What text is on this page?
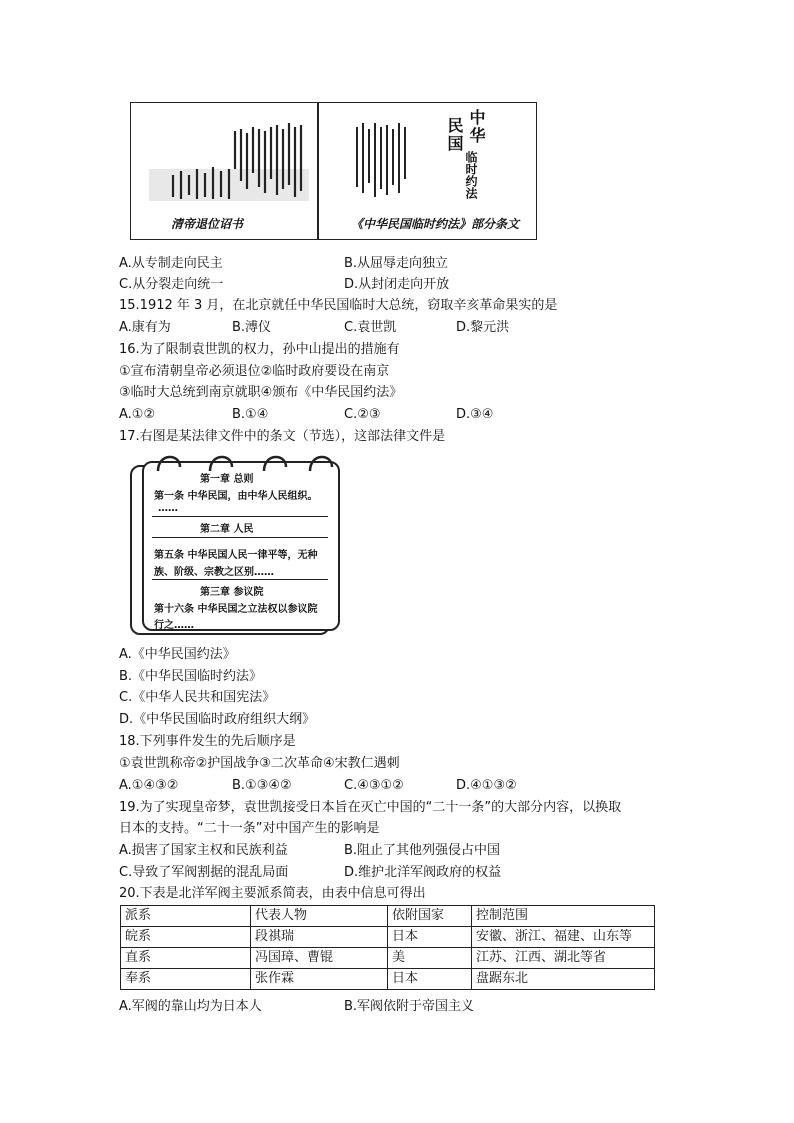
清帝退位诏书
民国 中华
临时约法
《中华民国临时约法》部分条文
A.从专制走向民主	B.从屈辱走向独立
C.从分裂走向统一	D.从封闭走向开放
15.1912 年 3 月，在北京就任中华民国临时大总统，窃取辛亥革命果实的是
A.康有为	B.溥仪	C.袁世凯	D.黎元洪
16.为了限制袁世凯的权力，孙中山提出的措施有
①宣布清朝皇帝必须退位②临时政府要设在南京
③临时大总统到南京就职④颁布《中华民国约法》
A.①②	B.①④	C.②③	D.③④
17.右图是某法律文件中的条文（节选），这部法律文件是
第一章 总则
第一条 中华民国，由中华人民组织。
……
第二章 人民
第五条 中华民国人民一律平等，无种
族、阶级、宗教之区别……
第三章 参议院
第十六条 中华民国之立法权以参议院
行之……
A.《中华民国约法》
B.《中华民国临时约法》
C.《中华人民共和国宪法》
D.《中华民国临时政府组织大纲》
18.下列事件发生的先后顺序是
①袁世凯称帝②护国战争③二次革命④宋教仁遇刺
A.①④③②	B.①③④②	C.④③①②	D.④①③②
19.为了实现皇帝梦，袁世凯接受日本旨在灭亡中国的“二十一条”的大部分内容，以换取
日本的支持。“二十一条”对中国产生的影响是
A.损害了国家主权和民族利益	B.阻止了其他列强侵占中国
C.导致了军阀割据的混乱局面	D.维护北洋军阀政府的权益
20.下表是北洋军阀主要派系简表，由表中信息可得出
派系	代表人物	依附国家	控制范围
皖系	段祺瑞	日本	安徽、浙江、福建、山东等
直系	冯国璋、曹锟	美	江苏、江西、湖北等省
奉系	张作霖	日本	盘踞东北
A.军阀的靠山均为日本人	B.军阀依附于帝国主义
